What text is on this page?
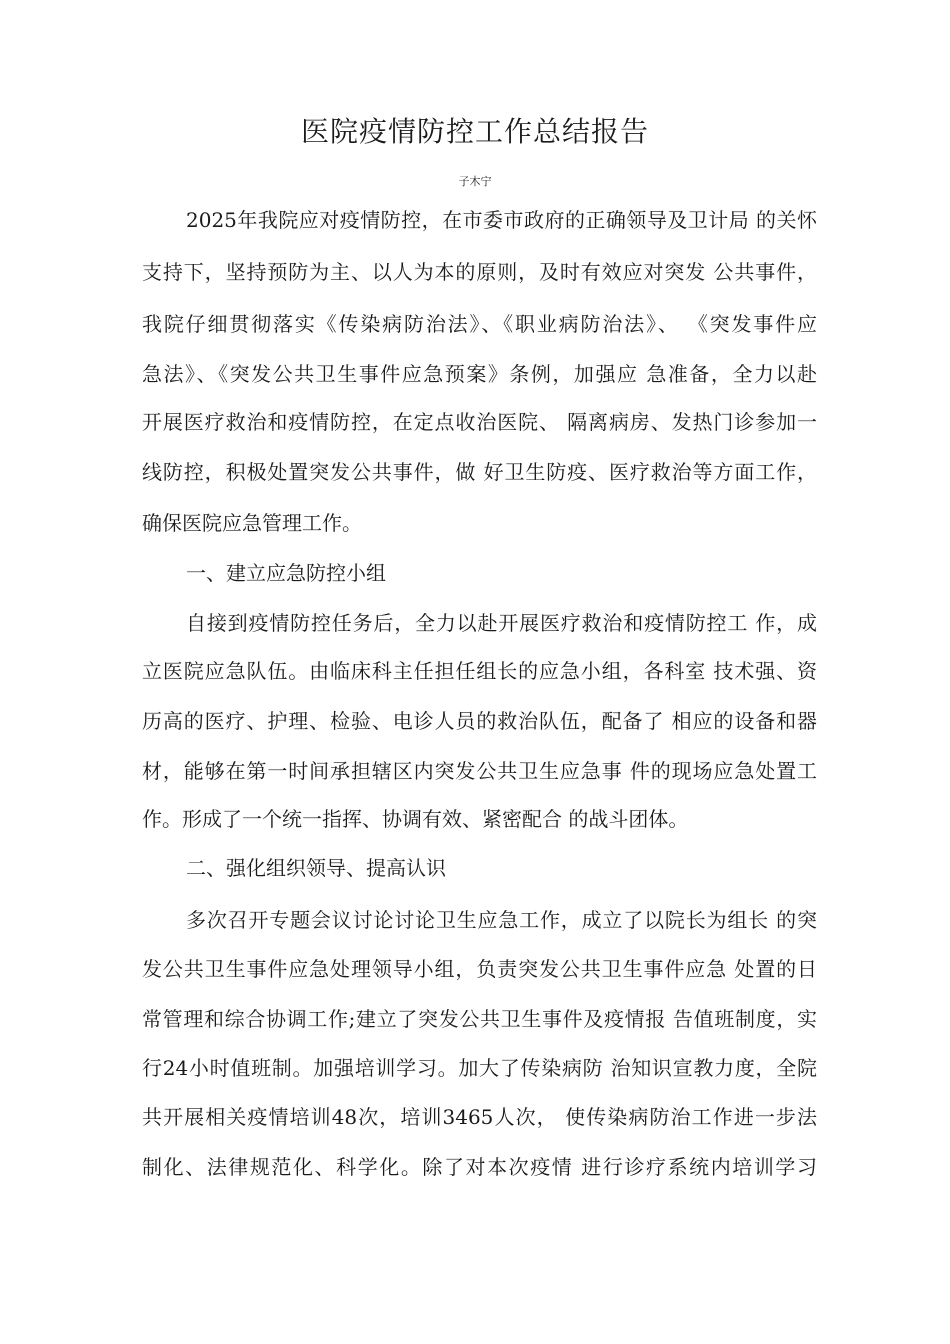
医院疫情防控工作总结报告
子木宁
2025年我院应对疫情防控，在市委市政府的正确领导及卫计局 的关怀
支持下，坚持预防为主、以人为本的原则，及时有效应对突发 公共事件，
我院仔细贯彻落实《传染病防治法》、《职业病防治法》、 《突发事件应
急法》、《突发公共卫生事件应急预案》条例，加强应 急准备，全力以赴
开展医疗救治和疫情防控，在定点收治医院、 隔离病房、发热门诊参加一
线防控，积极处置突发公共事件，做 好卫生防疫、医疗救治等方面工作，
确保医院应急管理工作。
一、建立应急防控小组
自接到疫情防控任务后，全力以赴开展医疗救治和疫情防控工 作，成
立医院应急队伍。由临床科主任担任组长的应急小组，各科室 技术强、资
历高的医疗、护理、检验、电诊人员的救治队伍，配备了 相应的设备和器
材，能够在第一时间承担辖区内突发公共卫生应急事 件的现场应急处置工
作。形成了一个统一指挥、协调有效、紧密配合 的战斗团体。
二、强化组织领导、提高认识
多次召开专题会议讨论讨论卫生应急工作，成立了以院长为组长 的突
发公共卫生事件应急处理领导小组，负责突发公共卫生事件应急 处置的日
常管理和综合协调工作;建立了突发公共卫生事件及疫情报 告值班制度，实
行24小时值班制。加强培训学习。加大了传染病防 治知识宣教力度，全院
共开展相关疫情培训48次，培训3465人次， 使传染病防治工作进一步法
制化、法律规范化、科学化。除了对本次疫情 进行诊疗系统内培训学习
